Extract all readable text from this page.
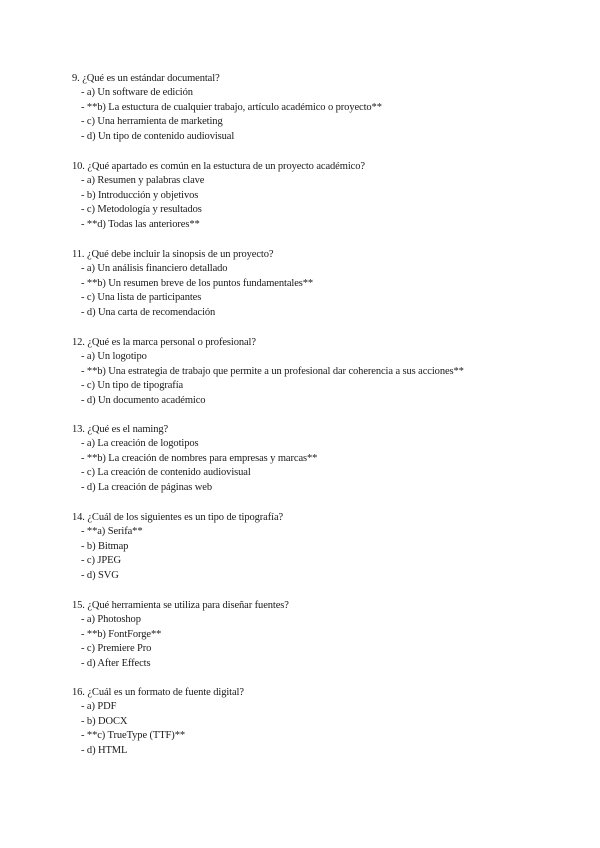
9. ¿Qué es un estándar documental?
- a) Un software de edición
- **b) La estuctura de cualquier trabajo, artículo académico o proyecto**
- c) Una herramienta de marketing
- d) Un tipo de contenido audiovisual
10. ¿Qué apartado es común en la estuctura de un proyecto académico?
- a) Resumen y palabras clave
- b) Introducción y objetivos
- c) Metodología y resultados
- **d) Todas las anteriores**
11. ¿Qué debe incluir la sinopsis de un proyecto?
- a) Un análisis financiero detallado
- **b) Un resumen breve de los puntos fundamentales**
- c) Una lista de participantes
- d) Una carta de recomendación
12. ¿Qué es la marca personal o profesional?
- a) Un logotipo
- **b) Una estrategia de trabajo que permite a un profesional dar coherencia a sus acciones**
- c) Un tipo de tipografía
- d) Un documento académico
13. ¿Qué es el naming?
- a) La creación de logotipos
- **b) La creación de nombres para empresas y marcas**
- c) La creación de contenido audiovisual
- d) La creación de páginas web
14. ¿Cuál de los siguientes es un tipo de tipografía?
- **a) Serifa**
- b) Bitmap
- c) JPEG
- d) SVG
15. ¿Qué herramienta se utiliza para diseñar fuentes?
- a) Photoshop
- **b) FontForge**
- c) Premiere Pro
- d) After Effects
16. ¿Cuál es un formato de fuente digital?
- a) PDF
- b) DOCX
- **c) TrueType (TTF)**
- d) HTML
